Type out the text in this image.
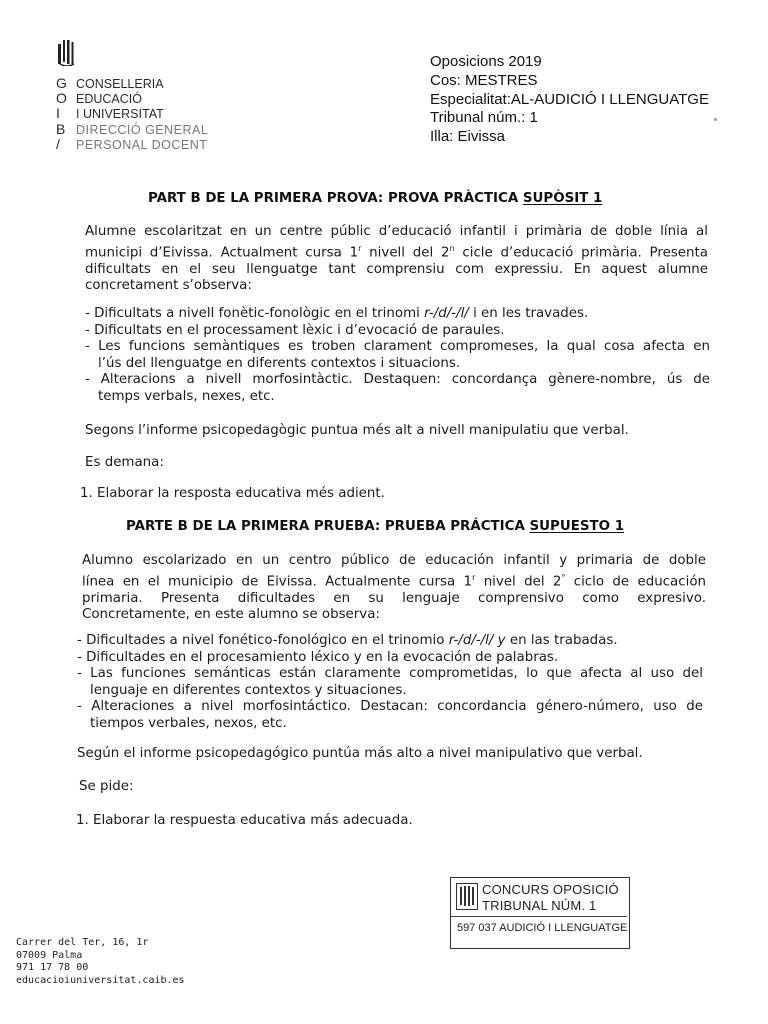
G CONSELLERIA
O EDUCACIÓ
I I UNIVERSITAT
B DIRECCIÓ GENERAL
/ PERSONAL DOCENT
Oposicions 2019
Cos: MESTRES
Especialitat:AL-AUDICIÓ I LLENGUATGE
Tribunal núm.: 1
Illa: Eivissa
PART B DE LA PRIMERA PROVA: PROVA PRÀCTICA SUPÒSIT 1
Alumne escolaritzat en un centre públic d’educació infantil i primària de doble línia al
municipi d’Eivissa. Actualment cursa 1$^r$ nivell del 2$^n$ cicle d’educació primària. Presenta
dificultats en el seu llenguatge tant comprensiu com expressiu. En aquest alumne
concretament s’observa:
- Dificultats a nivell fonètic-fonològic en el trinomi r-/d/-/l/ i en les travades.
- Dificultats en el processament lèxic i d’evocació de paraules.
- Les funcions semàntiques es troben clarament compromeses, la qual cosa afecta en
l’ús del llenguatge en diferents contextos i situacions.
- Alteracions a nivell morfosintàctic. Destaquen: concordança gènere-nombre, ús de
temps verbals, nexes, etc.
Segons l’informe psicopedagògic puntua més alt a nivell manipulatiu que verbal.
Es demana:
1. Elaborar la resposta educativa més adient.
PARTE B DE LA PRIMERA PRUEBA: PRUEBA PRÁCTICA SUPUESTO 1
Alumno escolarizado en un centro público de educación infantil y primaria de doble
línea en el municipio de Eivissa. Actualmente cursa 1$^r$ nivel del 2° ciclo de educación
primaria. Presenta dificultades en su lenguaje comprensivo como expresivo.
Concretamente, en este alumno se observa:
- Dificultades a nivel fonético-fonológico en el trinomio r-/d/-/l/ y en las trabadas.
- Dificultades en el procesamiento léxico y en la evocación de palabras.
- Las funciones semánticas están claramente comprometidas, lo que afecta al uso del
lenguaje en diferentes contextos y situaciones.
- Alteraciones a nivel morfosintáctico. Destacan: concordancia género-número, uso de
tiempos verbales, nexos, etc.
Según el informe psicopedagógico puntúa más alto a nivel manipulativo que verbal.
Se pide:
1. Elaborar la respuesta educativa más adecuada.
CONCURS OPOSICIÓ
TRIBUNAL NÚM. 1
597 037 AUDICIÓ I LLENGUATGE
Carrer del Ter, 16, 1r
07009 Palma
971 17 78 00
educacioiuniversitat.caib.es
